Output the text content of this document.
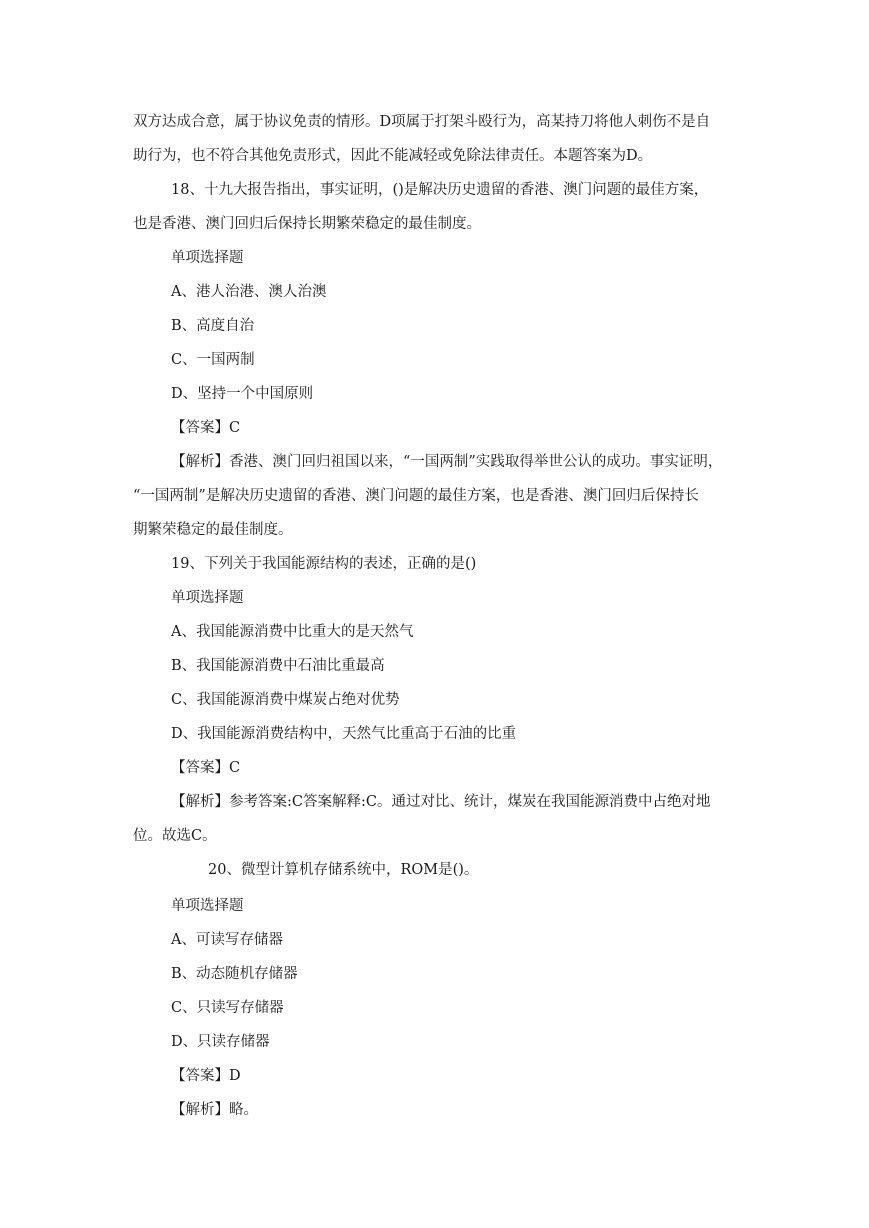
双方达成合意，属于协议免责的情形。D项属于打架斗殴行为，高某持刀将他人刺伤不是自
助行为，也不符合其他免责形式，因此不能减轻或免除法律责任。本题答案为D。
18、十九大报告指出，事实证明，()是解决历史遗留的香港、澳门问题的最佳方案，
也是香港、澳门回归后保持长期繁荣稳定的最佳制度。
单项选择题
A、港人治港、澳人治澳
B、高度自治
C、一国两制
D、坚持一个中国原则
【答案】C
【解析】香港、澳门回归祖国以来，“一国两制”实践取得举世公认的成功。事实证明，
“一国两制”是解决历史遗留的香港、澳门问题的最佳方案，也是香港、澳门回归后保持长
期繁荣稳定的最佳制度。
19、下列关于我国能源结构的表述，正确的是()
单项选择题
A、我国能源消费中比重大的是天然气
B、我国能源消费中石油比重最高
C、我国能源消费中煤炭占绝对优势
D、我国能源消费结构中，天然气比重高于石油的比重
【答案】C
【解析】参考答案:C答案解释:C。通过对比、统计，煤炭在我国能源消费中占绝对地
位。故选C。
20、微型计算机存储系统中，ROM是()。
单项选择题
A、可读写存储器
B、动态随机存储器
C、只读写存储器
D、只读存储器
【答案】D
【解析】略。
